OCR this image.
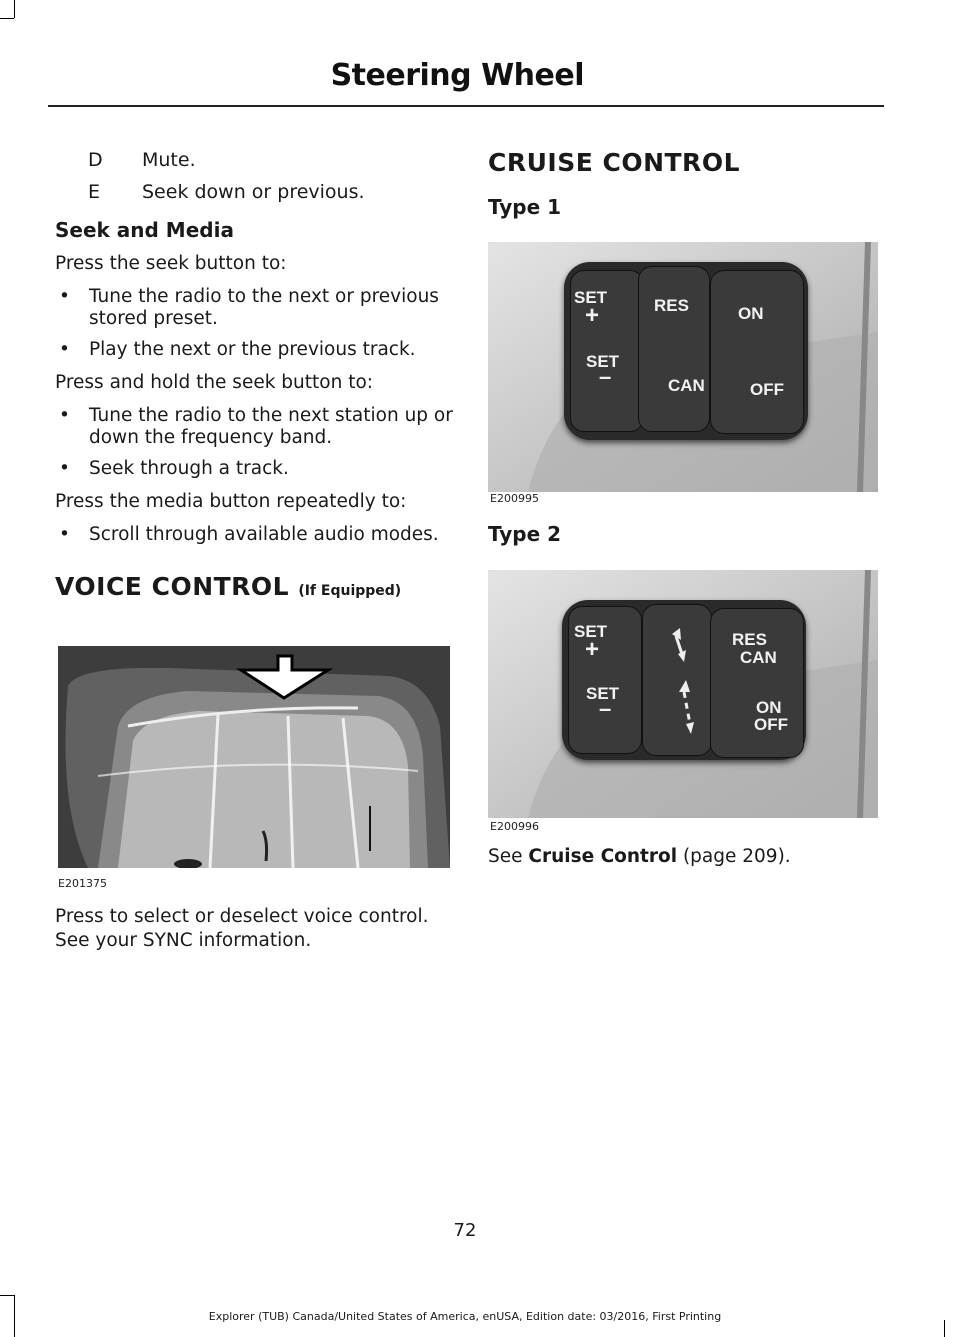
Steering Wheel
D	Mute.
E	Seek down or previous.
Seek and Media

Press the seek button to:

• Tune the radio to the next or previous stored preset.
• Play the next or the previous track.

Press and hold the seek button to:

• Tune the radio to the next station up or down the frequency band.
• Seek through a track.

Press the media button repeatedly to:

• Scroll through available audio modes.
VOICE CONTROL (If Equipped)
E201375
Press to select or deselect voice control. See your SYNC information.
CRUISE CONTROL
Type 1
SET
+
SET
–
RES
CAN
ON
OFF
E200995
Type 2
SET
+
SET
–
RES
CAN
ON
OFF
E200996
See Cruise Control (page 209).
72
Explorer (TUB) Canada/United States of America, enUSA, Edition date: 03/2016, First Printing
